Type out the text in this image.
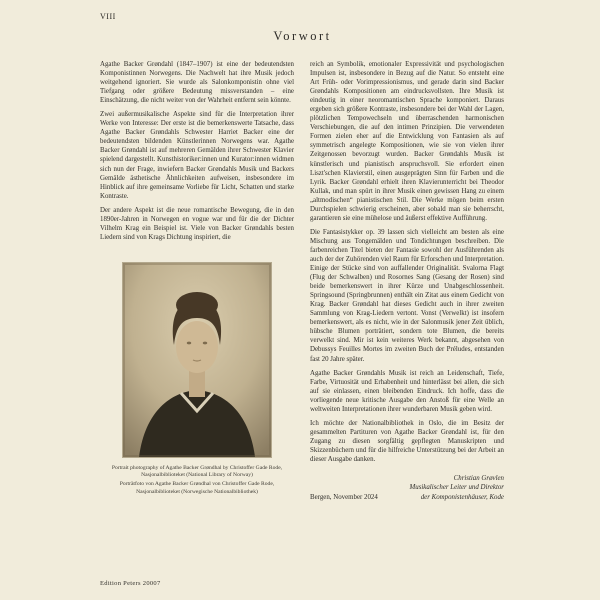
VIII
Vorwort

Agathe Backer Grøndahl (1847–1907) ist eine der bedeutendsten Komponistinnen Norwegens. Die Nachwelt hat ihre Musik jedoch weitgehend ignoriert. Sie wurde als Salonkomponistin ohne viel Tiefgang oder größere Bedeutung missverstanden – eine Einschätzung, die nicht weiter von der Wahrheit entfernt sein könnte.

Zwei außermusikalische Aspekte sind für die Interpretation ihrer Werke von Interesse: Der erste ist die bemerkenswerte Tatsache, dass Agathe Backer Grøndahls Schwester Harriet Backer eine der bedeutendsten bildenden Künstlerinnen Norwegens war. Agathe Backer Grøndahl ist auf mehreren Gemälden ihrer Schwester Klavier spielend dargestellt. Kunsthistoriker:innen und Kurator:innen widmen sich nun der Frage, inwiefern Backer Grøndahls Musik und Backers Gemälde ästhetische Ähnlichkeiten aufweisen, insbesondere im Hinblick auf ihre gemeinsame Vorliebe für Licht, Schatten und starke Kontraste.

Der andere Aspekt ist die neue romantische Bewegung, die in den 1890er-Jahren in Norwegen en vogue war und für die der Dichter Vilhelm Krag ein Beispiel ist. Viele von Backer Grøndahls besten Liedern sind von Krags Dichtung inspiriert, die

Portrait photography of Agathe Backer Grøndhal by Christoffer Gade Rode, Nasjonalbiblioteket (National Library of Norway)
Porträtfoto von Agathe Backer Grøndhal von Christoffer Gade Rode, Nasjonalbiblioteket (Norwegische Nationalbibliothek)

reich an Symbolik, emotionaler Expressivität und psychologischen Impulsen ist, insbesondere in Bezug auf die Natur. So entsteht eine Art Früh- oder Vorimpressionismus, und gerade darin sind Backer Grøndahls Kompositionen am eindrucksvollsten. Ihre Musik ist eindeutig in einer neoromantischen Sprache komponiert. Daraus ergeben sich größere Kontraste, insbesondere bei der Wahl der Lagen, plötzlichen Tempowechseln und überraschenden harmonischen Verschiebungen, die auf den intimen Prinzipien. Die verwendeten Formen zielen eher auf die Entwicklung von Fantasien als auf symmetrisch angelegte Kompositionen, wie sie von vielen ihrer Zeitgenossen bevorzugt wurden. Backer Grøndahls Musik ist künstlerisch und pianistisch anspruchsvoll. Sie erfordert einen Liszt'schen Klavierstil, einen ausgeprägten Sinn für Farben und die Lyrik. Backer Grøndahl erhielt ihren Klavierunterricht bei Theodor Kullak, und man spürt in ihrer Musik einen gewissen Hang zu einem „altmodischen“ pianistischen Stil. Die Werke mögen beim ersten Durchspielen schwierig erscheinen, aber sobald man sie beherrscht, garantieren sie eine mühelose und äußerst effektive Aufführung.

Die Fantasistykker op. 39 lassen sich vielleicht am besten als eine Mischung aus Tongemälden und Tondichtungen beschreiben. Die farbenreichen Titel bieten der Fantasie sowohl der Ausführenden als auch der der Zuhörenden viel Raum für Erforschen und Interpretation. Einige der Stücke sind von auffallender Originalität. Svalorna Flagt (Flug der Schwalben) und Rosornes Sang (Gesang der Rosen) sind beide bemerkenswert in ihrer Kürze und Unabgeschlossenheit. Springsound (Springbrunnen) enthält ein Zitat aus einem Gedicht von Krag. Backer Grøndahl hat dieses Gedicht auch in ihrer zweiten Sammlung von Krag-Liedern vertont. Vonst (Verwelkt) ist insofern bemerkenswert, als es nicht, wie in der Salonmusik jener Zeit üblich, hübsche Blumen porträtiert, sondern tote Blumen, die bereits verwelkt sind. Mir ist kein weiteres Werk bekannt, abgesehen von Debussys Feuilles Mortes im zweiten Buch der Préludes, entstanden fast 20 Jahre später.

Agathe Backer Grøndahls Musik ist reich an Leidenschaft, Tiefe, Farbe, Virtuosität und Erhabenheit und hinterlässt bei allen, die sich auf sie einlassen, einen bleibenden Eindruck. Ich hoffe, dass die vorliegende neue kritische Ausgabe den Anstoß für eine Welle an weltweiten Interpretationen ihrer wunderbaren Musik geben wird.

Ich möchte der Nationalbibliothek in Oslo, die im Besitz der gesammelten Partituren von Agathe Backer Grøndahl ist, für den Zugang zu diesen sorgfältig gepflegten Manuskripten und Skizzenbüchern und für die hilfreiche Unterstützung bei der Arbeit an dieser Ausgabe danken.

Bergen, November 2024
Christian Grøvlen
Musikalischer Leiter und Direktor
der Komponistenhäuser, Kode
Edition Peters 20007
